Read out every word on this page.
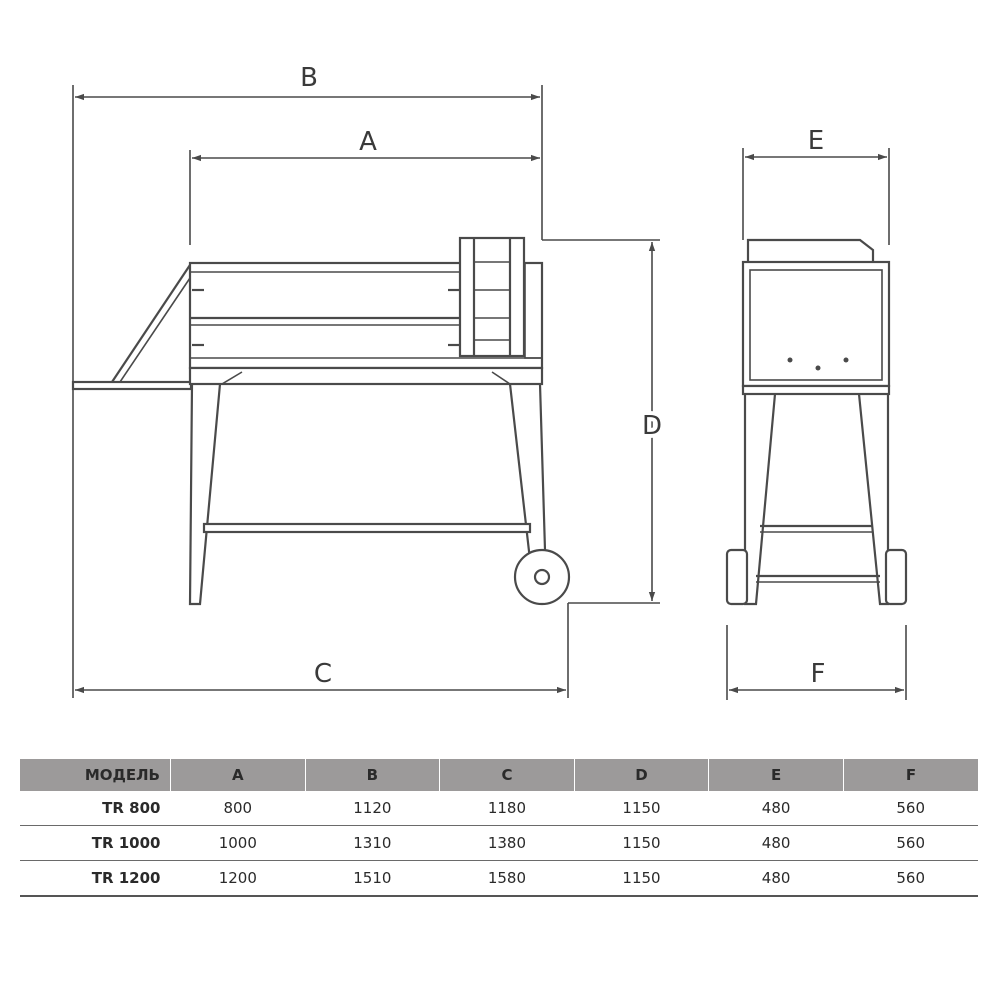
B
A
C
D
E
F
МОДЕЛЬ	A	B	C	D	E	F
TR 800	800	1120	1180	1150	480	560
TR 1000	1000	1310	1380	1150	480	560
TR 1200	1200	1510	1580	1150	480	560
